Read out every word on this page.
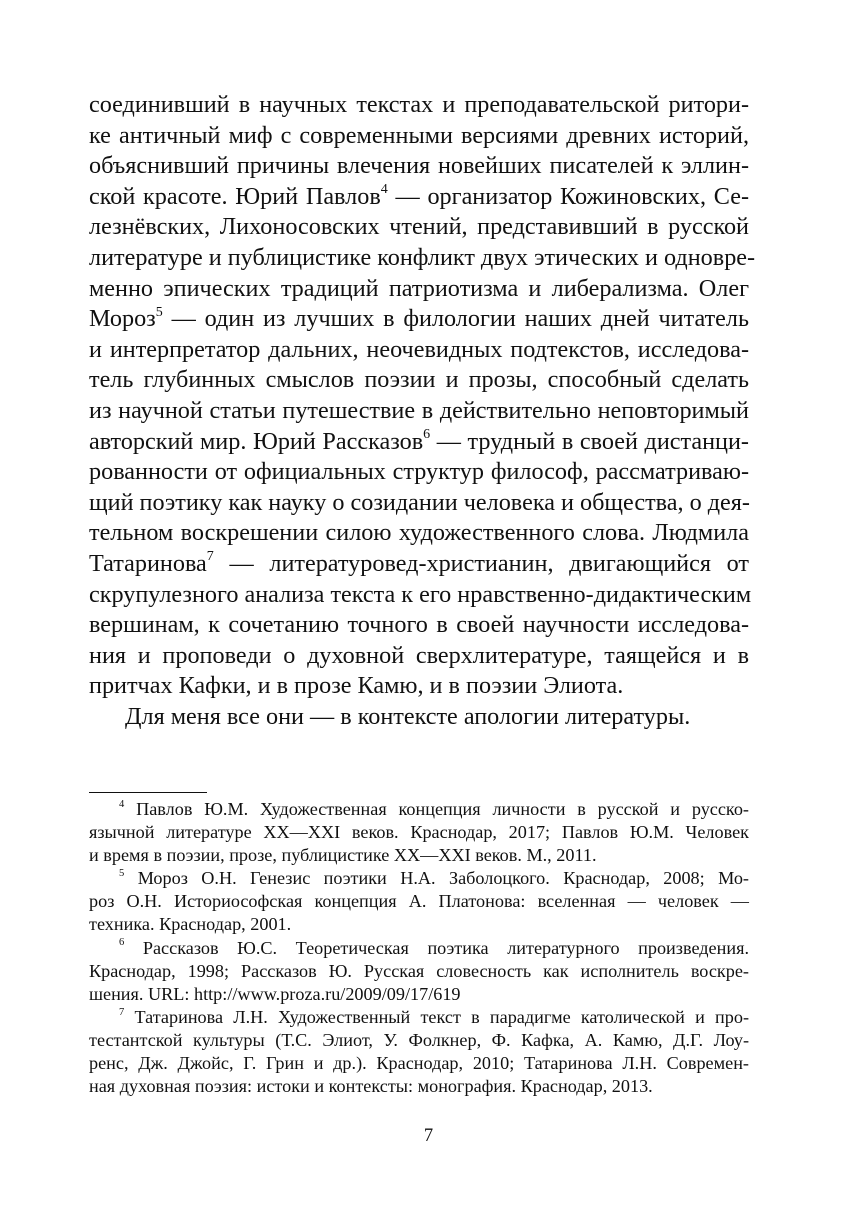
соединивший в научных текстах и преподавательской ритори-
ке античный миф с современными версиями древних историй,
объяснивший причины влечения новейших писателей к эллин-
ской красоте. Юрий Павлов$^4$ — организатор Кожиновских, Се-
лезнёвских, Лихоносовских чтений, представивший в русской
литературе и публицистике конфликт двух этических и одновре-
менно эпических традиций патриотизма и либерализма. Олег
Мороз$^5$ — один из лучших в филологии наших дней читатель
и интерпретатор дальних, неочевидных подтекстов, исследова-
тель глубинных смыслов поэзии и прозы, способный сделать
из научной статьи путешествие в действительно неповторимый
авторский мир. Юрий Рассказов$^6$ — трудный в своей дистанци-
рованности от официальных структур философ, рассматриваю-
щий поэтику как науку о созидании человека и общества, о дея-
тельном воскрешении силою художественного слова. Людмила
Татаринова$^7$ — литературовед-христианин, двигающийся от
скрупулезного анализа текста к его нравственно-дидактическим
вершинам, к сочетанию точного в своей научности исследова-
ния и проповеди о духовной сверхлитературе, таящейся и в
притчах Кафки, и в прозе Камю, и в поэзии Элиота.
Для меня все они — в контексте апологии литературы.
$^4$ Павлов Ю.М. Художественная концепция личности в русской и русско-
язычной литературе XX—XXI веков. Краснодар, 2017; Павлов Ю.М. Человек
и время в поэзии, прозе, публицистике XX—XXI веков. М., 2011.
$^5$ Мороз О.Н. Генезис поэтики Н.А. Заболоцкого. Краснодар, 2008; Мо-
роз О.Н. Историософская концепция А. Платонова: вселенная — человек —
техника. Краснодар, 2001.
$^6$ Рассказов Ю.С. Теоретическая поэтика литературного произведения.
Краснодар, 1998; Рассказов Ю. Русская словесность как исполнитель воскре-
шения. URL: http://www.proza.ru/2009/09/17/619
$^7$ Татаринова Л.Н. Художественный текст в парадигме католической и про-
тестантской культуры (Т.С. Элиот, У. Фолкнер, Ф. Кафка, А. Камю, Д.Г. Лоу-
ренс, Дж. Джойс, Г. Грин и др.). Краснодар, 2010; Татаринова Л.Н. Современ-
ная духовная поэзия: истоки и контексты: монография. Краснодар, 2013.
7
